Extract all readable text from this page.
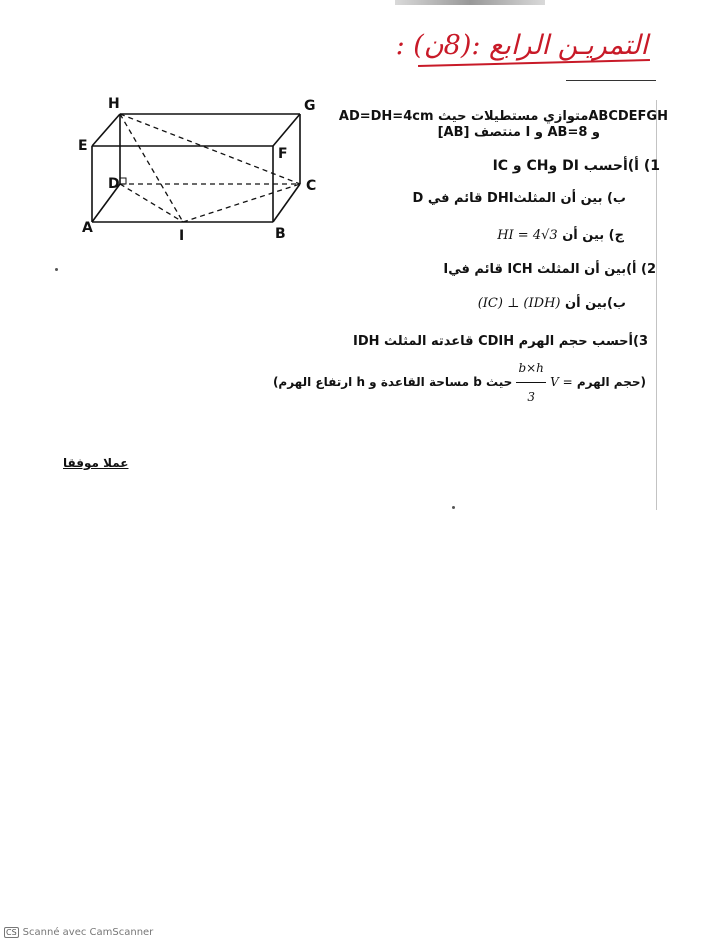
التمريـن الرابع :(8ن) :
H	G
E	F
D	C
A	I	B
ABCDEFGHمتوازي مستطيلات حيث AD=DH=4cm
و AB=8 و I منتصف [AB]
1) أ)أحسب DI وCH و IC
ب) بين أن المثلثDHI قائم في D
ج) بين أن HI = 4√3
2) أ)بين أن المثلث ICH قائم فيI
ب)بين أن (IC) ⊥ (IDH)
3)أحسب حجم الهرم CDIH قاعدته المثلث IDH
(حجم الهرم V =
$\frac{b\times h}{3}$
حيث b مساحة القاعدة و h ارتفاع الهرم)
عملا موفقا
CS Scanné avec CamScanner
